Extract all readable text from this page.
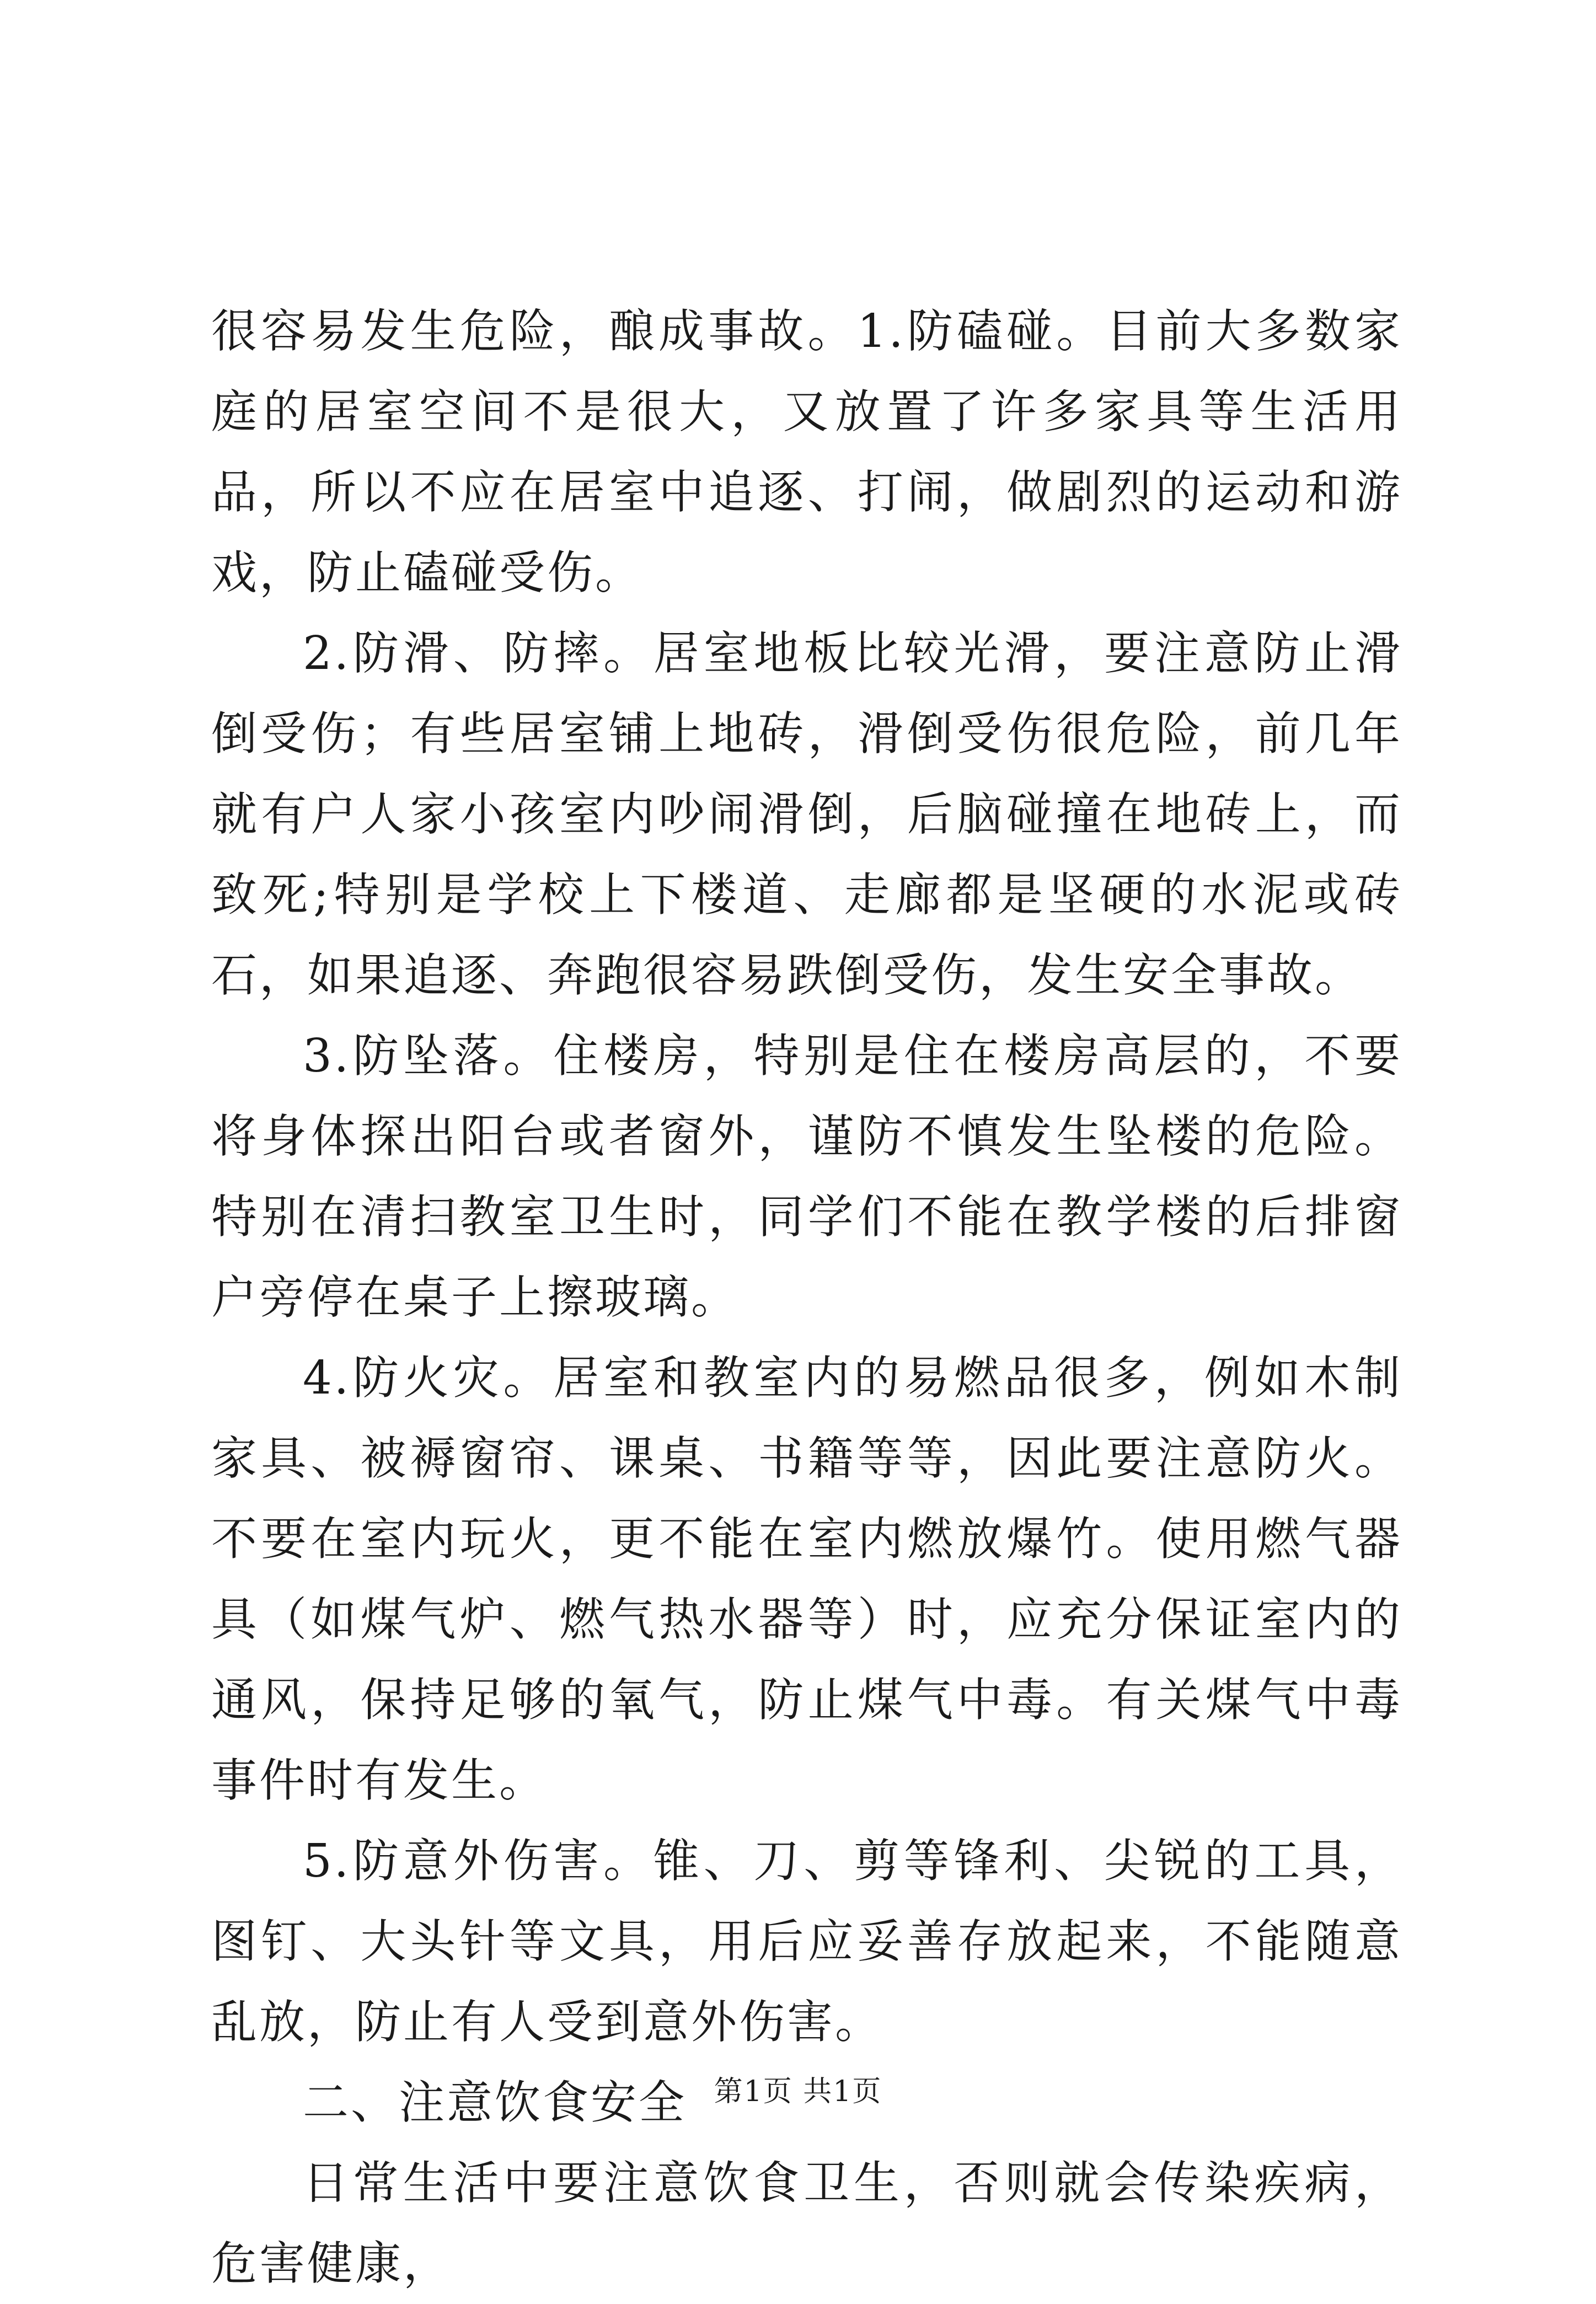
很容易发生危险，酿成事故。1.防磕碰。目前大多数家庭的居室空间不是很大，又放置了许多家具等生活用品，所以不应在居室中追逐、打闹，做剧烈的运动和游戏，防止磕碰受伤。

2.防滑、防摔。居室地板比较光滑，要注意防止滑倒受伤；有些居室铺上地砖，滑倒受伤很危险，前几年就有户人家小孩室内吵闹滑倒，后脑碰撞在地砖上，而致死;特别是学校上下楼道、走廊都是坚硬的水泥或砖石，如果追逐、奔跑很容易跌倒受伤，发生安全事故。

3.防坠落。住楼房，特别是住在楼房高层的，不要将身体探出阳台或者窗外，谨防不慎发生坠楼的危险。特别在清扫教室卫生时，同学们不能在教学楼的后排窗户旁停在桌子上擦玻璃。

4.防火灾。居室和教室内的易燃品很多，例如木制家具、被褥窗帘、课桌、书籍等等，因此要注意防火。不要在室内玩火，更不能在室内燃放爆竹。使用燃气器具（如煤气炉、燃气热水器等）时，应充分保证室内的通风，保持足够的氧气，防止煤气中毒。有关煤气中毒事件时有发生。

5.防意外伤害。锥、刀、剪等锋利、尖锐的工具，图钉、大头针等文具，用后应妥善存放起来，不能随意乱放，防止有人受到意外伤害。

二、注意饮食安全

日常生活中要注意饮食卫生，否则就会传染疾病，危害健康，

第1页 共1页
